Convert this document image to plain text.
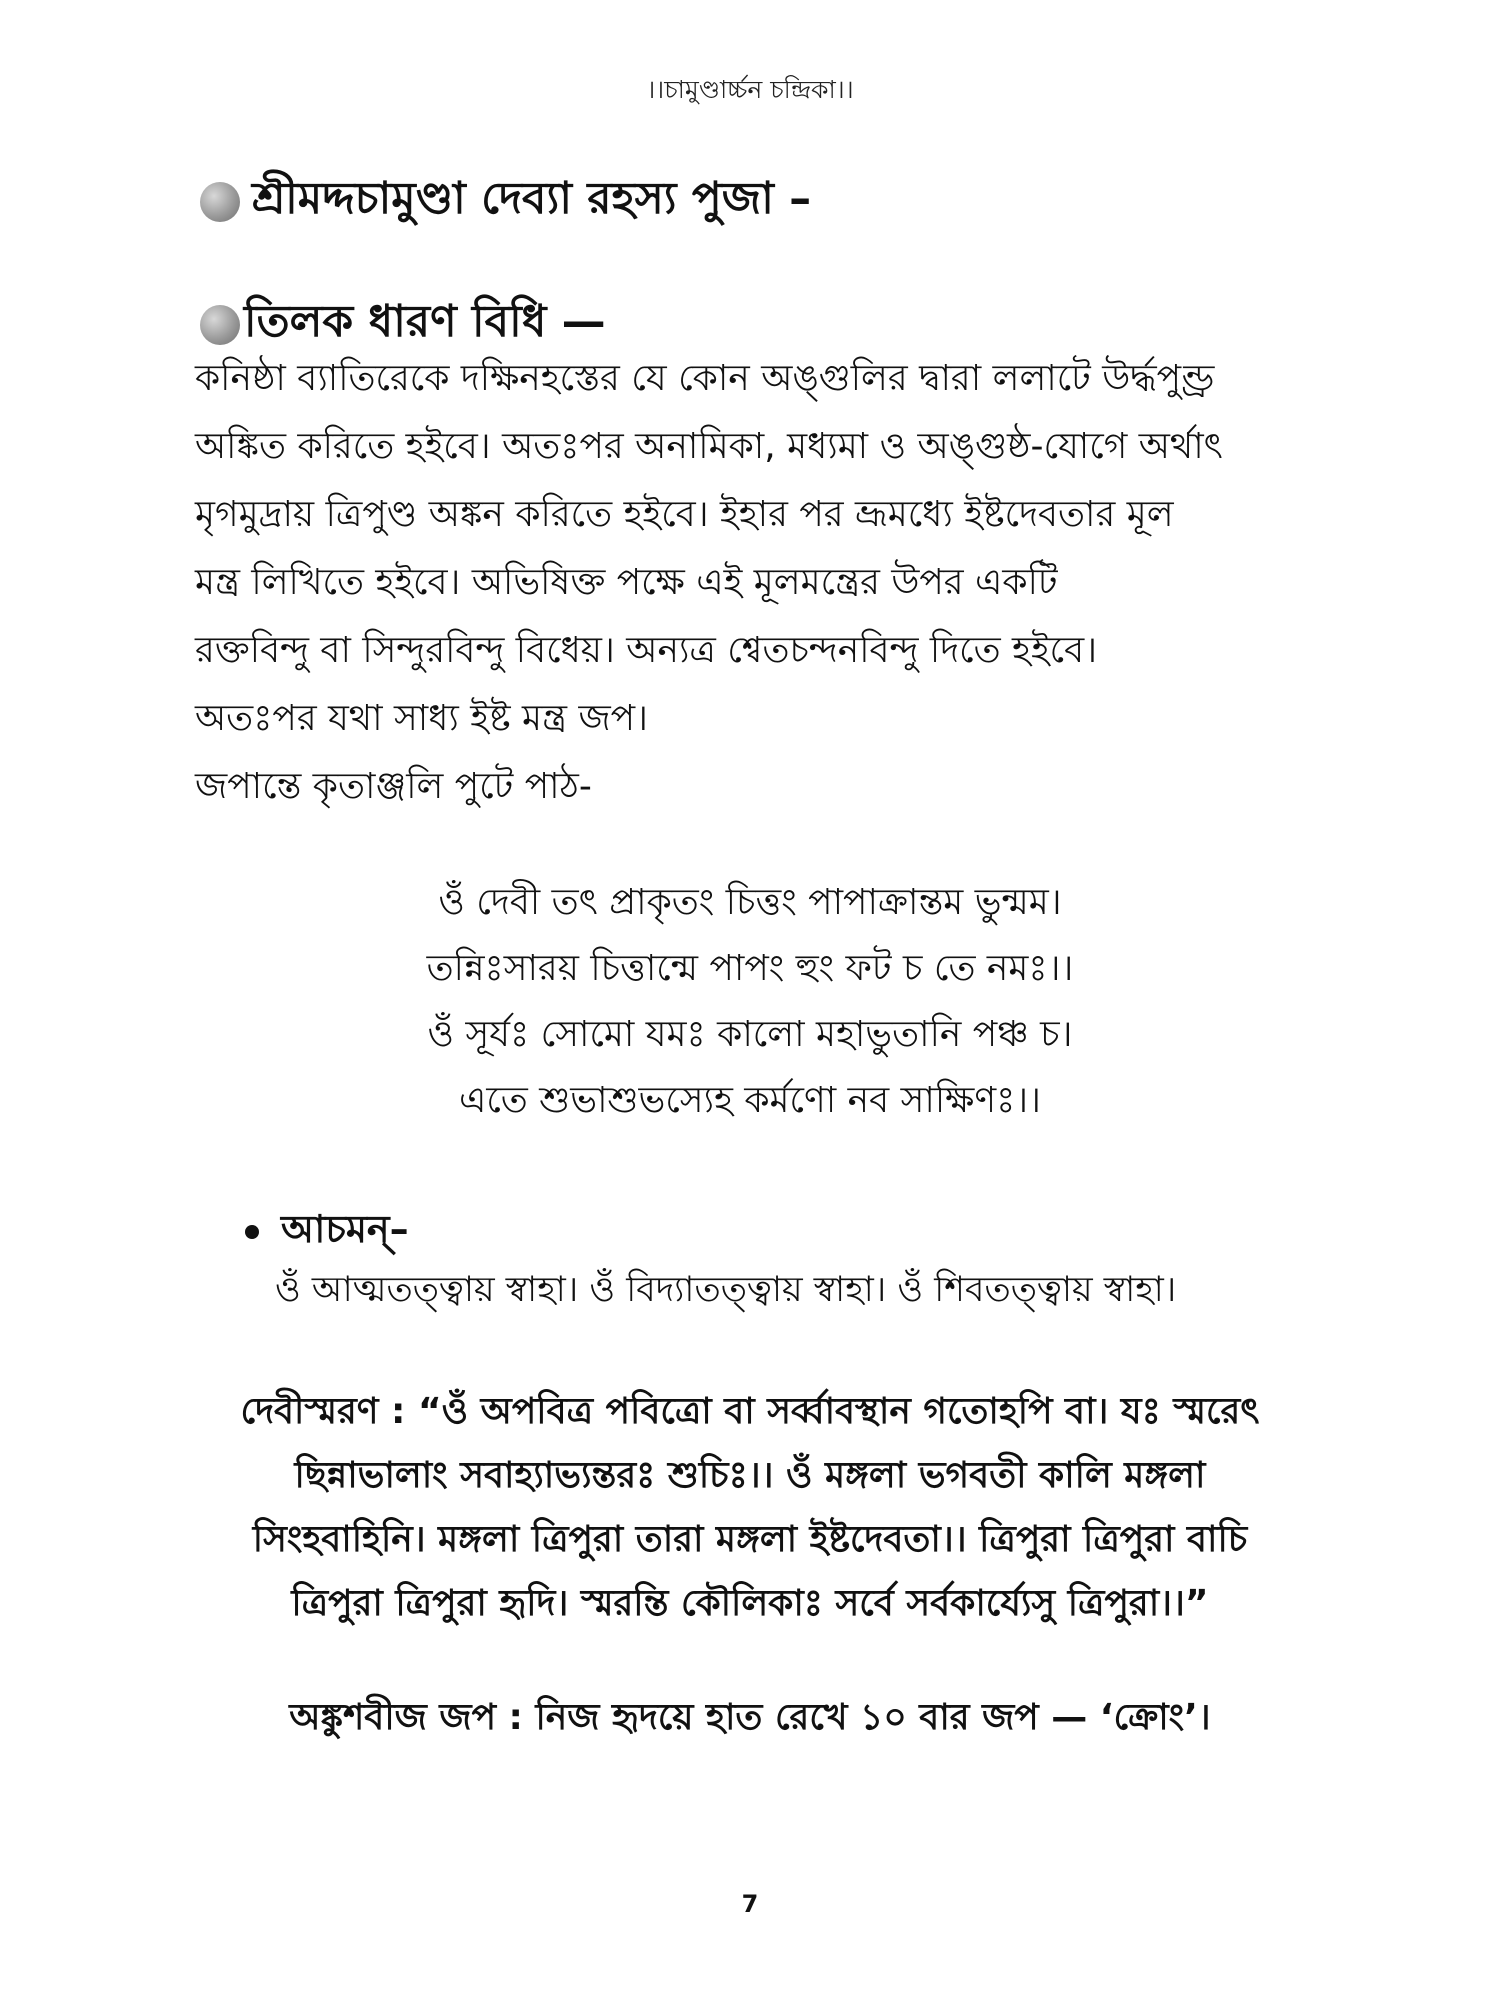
।।চামুণ্ডার্চ্চন চন্দ্রিকা।।
শ্রীমদ্দচামুণ্ডা দেব্যা রহস্য পুজা –
তিলক ধারণ বিধি —
কনিষ্ঠা ব্যাতিরেকে দক্ষিনহস্তের যে কোন অঙ্গুলির দ্বারা ললাটে উর্দ্ধপুণ্ড্র
অঙ্কিত করিতে হইবে। অতঃপর অনামিকা, মধ্যমা ও অঙ্গুষ্ঠ-যোগে অর্থাৎ
মৃগমুদ্রায় ত্রিপুণ্ড অঙ্কন করিতে হইবে। ইহার পর ভ্রূমধ্যে ইষ্টদেবতার মূল
মন্ত্র লিখিতে হইবে। অভিষিক্ত পক্ষে এই মূলমন্ত্রের উপর একটি
রক্তবিন্দু বা সিন্দুরবিন্দু বিধেয়। অন্যত্র শ্বেতচন্দনবিন্দু দিতে হইবে।
অতঃপর যথা সাধ্য ইষ্ট মন্ত্র জপ।
জপান্তে কৃতাঞ্জলি পুটে পাঠ-
ওঁ দেবী তৎ প্রাকৃতং চিত্তং পাপাক্রান্তম ভুন্মম।
তন্নিঃসারয় চিত্তান্মে পাপং হুং ফট চ তে নমঃ।।
ওঁ সূর্যঃ সোমো যমঃ কালো মহাভুতানি পঞ্চ চ।
এতে শুভাশুভস্যেহ কর্মণো নব সাক্ষিণঃ।।
আচমন্–
ওঁ আত্মতত্ত্বায় স্বাহা। ওঁ বিদ্যাতত্ত্বায় স্বাহা। ওঁ শিবতত্ত্বায় স্বাহা।
দেবীস্মরণ : “ওঁ অপবিত্র পবিত্রো বা সর্ব্বাবস্থান গতোহপি বা। যঃ স্মরেৎ
ছিন্নাভালাং সবাহ্যাভ্যন্তরঃ শুচিঃ।। ওঁ মঙ্গলা ভগবতী কালি মঙ্গলা
সিংহবাহিনি। মঙ্গলা ত্রিপুরা তারা মঙ্গলা ইষ্টদেবতা।। ত্রিপুরা ত্রিপুরা বাচি
ত্রিপুরা ত্রিপুরা হৃদি। স্মরন্তি কৌলিকাঃ সর্বে সর্বকার্য্যেসু ত্রিপুরা।।”
অঙ্কুশবীজ জপ : নিজ হৃদয়ে হাত রেখে ১০ বার জপ — ‘ক্রোং’।
7
